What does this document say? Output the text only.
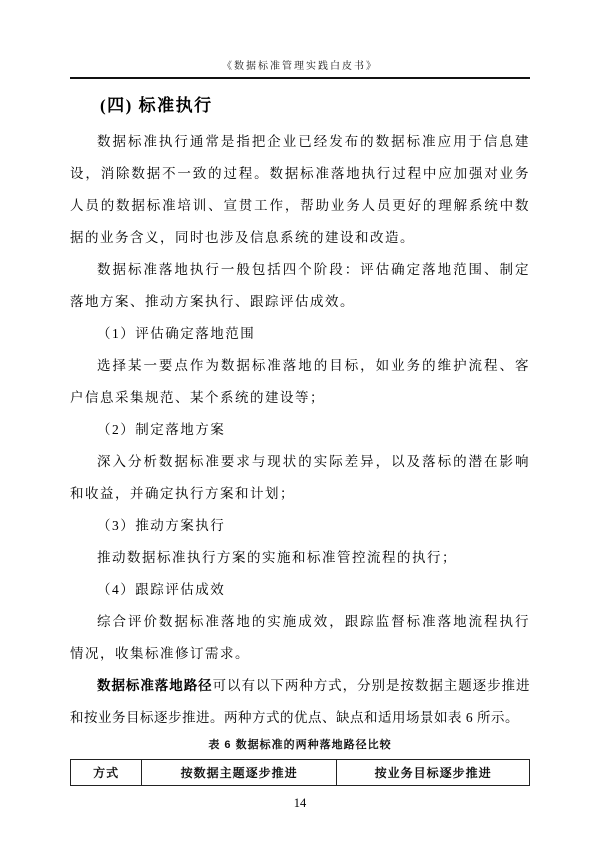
《数据标准管理实践白皮书》
(四) 标准执行

数据标准执行通常是指把企业已经发布的数据标准应用于信息建设，消除数据不一致的过程。数据标准落地执行过程中应加强对业务人员的数据标准培训、宣贯工作，帮助业务人员更好的理解系统中数据的业务含义，同时也涉及信息系统的建设和改造。

数据标准落地执行一般包括四个阶段：评估确定落地范围、制定落地方案、推动方案执行、跟踪评估成效。

（1）评估确定落地范围

选择某一要点作为数据标准落地的目标，如业务的维护流程、客户信息采集规范、某个系统的建设等；

（2）制定落地方案

深入分析数据标准要求与现状的实际差异，以及落标的潜在影响和收益，并确定执行方案和计划；

（3）推动方案执行

推动数据标准执行方案的实施和标准管控流程的执行；

（4）跟踪评估成效

综合评价数据标准落地的实施成效，跟踪监督标准落地流程执行情况，收集标准修订需求。

数据标准落地路径可以有以下两种方式，分别是按数据主题逐步推进和按业务目标逐步推进。两种方式的优点、缺点和适用场景如表 6 所示。

表 6 数据标准的两种落地路径比较
方式	按数据主题逐步推进	按业务目标逐步推进
14
